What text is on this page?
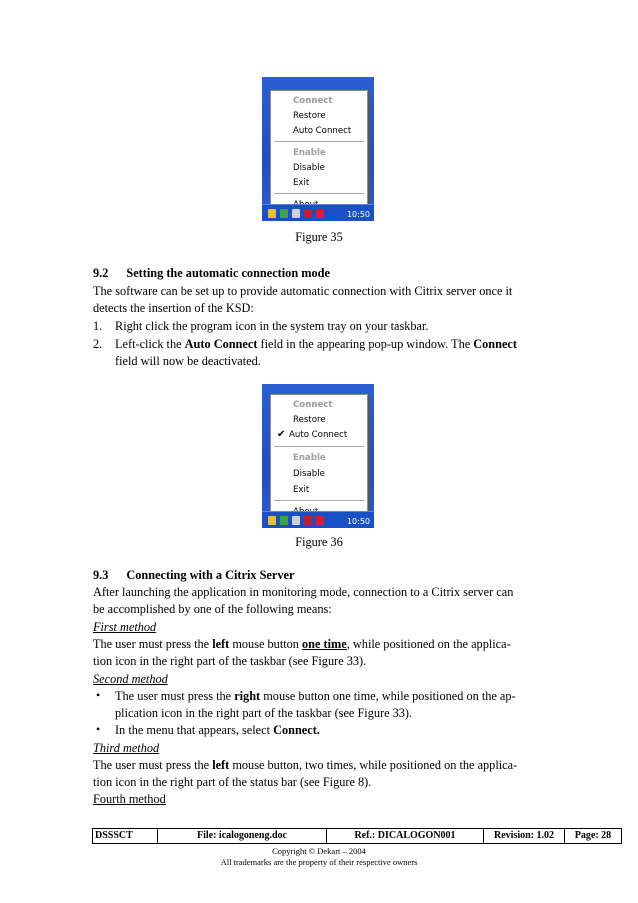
Connect
Restore
Auto Connect
Enable
Disable
Exit
10:50
Figure 35
9.2 Setting the automatic connection mode
The software can be set up to provide automatic connection with Citrix server once it
detects the insertion of the KSD:
1. Right click the program icon in the system tray on your taskbar.
2. Left-click the Auto Connect field in the appearing pop-up window. The Connect
field will now be deactivated.
Connect
Restore
✔ Auto Connect
Enable
Disable
Exit
10:50
Figure 36
9.3 Connecting with a Citrix Server
After launching the application in monitoring mode, connection to a Citrix server can
be accomplished by one of the following means:
First method
The user must press the left mouse button one time, while positioned on the applica-
tion icon in the right part of the taskbar (see Figure 33).
Second method
• The user must press the right mouse button one time, while positioned on the ap-
plication icon in the right part of the taskbar (see Figure 33).
• In the menu that appears, select Connect.
Third method
The user must press the left mouse button, two times, while positioned on the applica-
tion icon in the right part of the status bar (see Figure 8).
Fourth method
DSSSCT	File: icalogoneng.doc	Ref.: DICALOGON001	Revision: 1.02	Page: 28
Copyright © Dekart – 2004
All trademarks are the property of their respective owners
